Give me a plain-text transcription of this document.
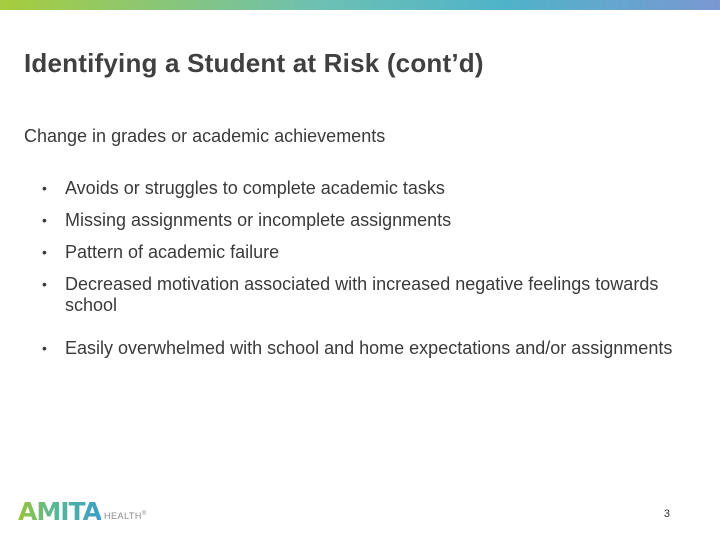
Identifying a Student at Risk (cont’d)
Change in grades or academic achievements
• Avoids or struggles to complete academic tasks
• Missing assignments or incomplete assignments
• Pattern of academic failure
• Decreased motivation associated with increased negative feelings towards school
• Easily overwhelmed with school and home expectations and/or assignments
AMITA HEALTH®	3
